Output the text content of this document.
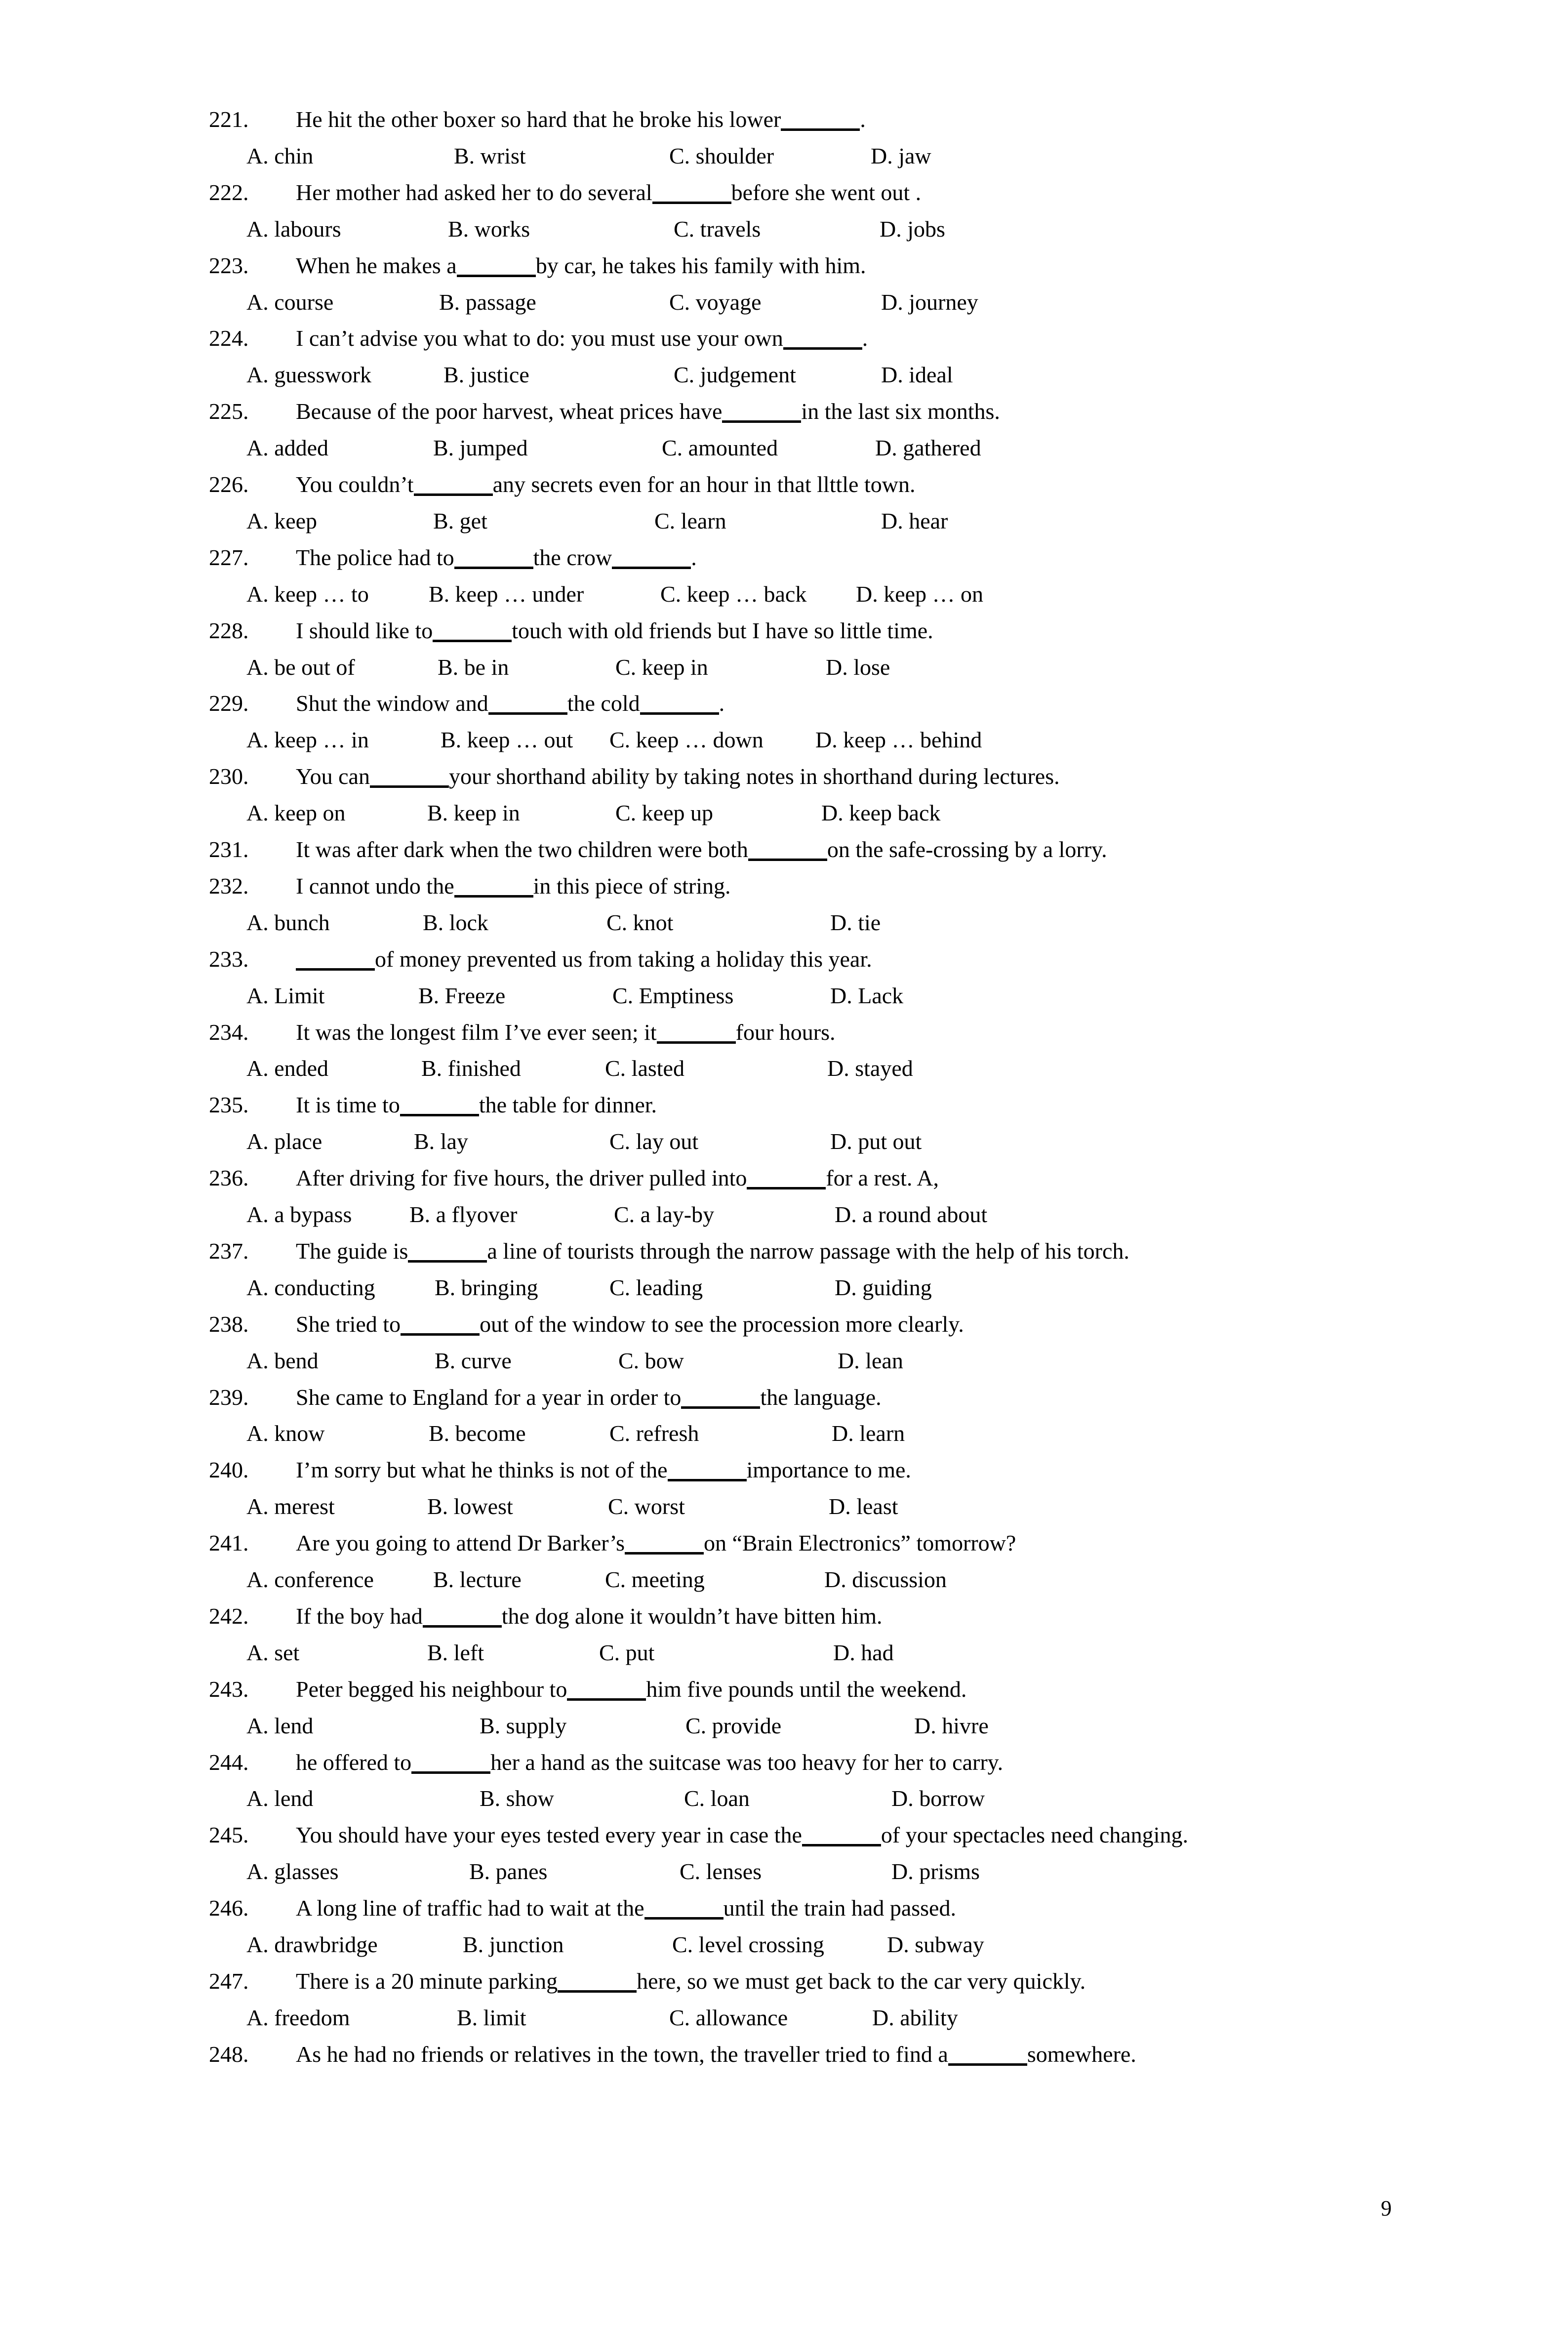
221. He hit the other boxer so hard that he broke his lower	.
A. chin	B. wrist	C. shoulder	D. jaw
222. Her mother had asked her to do several	before she went out .
A. labours	B. works	C. travels	D. jobs
223. When he makes a	by car, he takes his family with him.
A. course	B. passage	C. voyage	D. journey
224. I can’t advise you what to do: you must use your own	.
A. guesswork	B. justice	C. judgement	D. ideal
225. Because of the poor harvest, wheat prices have	in the last six months.
A. added	B. jumped	C. amounted	D. gathered
226. You couldn’t	any secrets even for an hour in that llttle town.
A. keep	B. get	C. learn	D. hear
227. The police had to	the crow	.
A. keep … to	B. keep … under	C. keep … back D. keep … on
228. I should like to	touch with old friends but I have so little time.
A. be out of	B. be in	C. keep in	D. lose
229. Shut the window and	the cold	.
A. keep … in	B. keep … out C. keep … down D. keep … behind
230. You can	your shorthand ability by taking notes in shorthand during lectures.
A. keep on	B. keep in	C. keep up	D. keep back
231. It was after dark when the two children were both	on the safe-crossing by a lorry.
232. I cannot undo the	in this piece of string.
A. bunch	B. lock	C. knot	D. tie
233.	of money prevented us from taking a holiday this year.
A. Limit	B. Freeze	C. Emptiness	D. Lack
234. It was the longest film I’ve ever seen; it	four hours.
A. ended	B. finished	C. lasted	D. stayed
235. It is time to	the table for dinner.
A. place	B. lay	C. lay out	D. put out
236. After driving for five hours, the driver pulled into	for a rest. A,
A. a bypass	B. a flyover	C. a lay-by	D. a round about
237. The guide is	a line of tourists through the narrow passage with the help of his torch.
A. conducting	B. bringing	C. leading	D. guiding
238. She tried to	out of the window to see the procession more clearly.
A. bend	B. curve	C. bow	D. lean
239. She came to England for a year in order to	the language.
A. know	B. become	C. refresh	D. learn
240. I’m sorry but what he thinks is not of the	importance to me.
A. merest	B. lowest	C. worst	D. least
241. Are you going to attend Dr Barker’s	on “Brain Electronics” tomorrow?
A. conference	B. lecture	C. meeting	D. discussion
242. If the boy had	the dog alone it wouldn’t have bitten him.
A. set	B. left	C. put	D. had
243. Peter begged his neighbour to	him five pounds until the weekend.
A. lend	B. supply	C. provide	D. hivre
244. he offered to	her a hand as the suitcase was too heavy for her to carry.
A. lend	B. show	C. loan	D. borrow
245. You should have your eyes tested every year in case the	of your spectacles need changing.
A. glasses	B. panes	C. lenses	D. prisms
246. A long line of traffic had to wait at the	until the train had passed.
A. drawbridge	B. junction	C. level crossing	D. subway
247. There is a 20 minute parking	here, so we must get back to the car very quickly.
A. freedom	B. limit	C. allowance	D. ability
248. As he had no friends or relatives in the town, the traveller tried to find a	somewhere.
9
